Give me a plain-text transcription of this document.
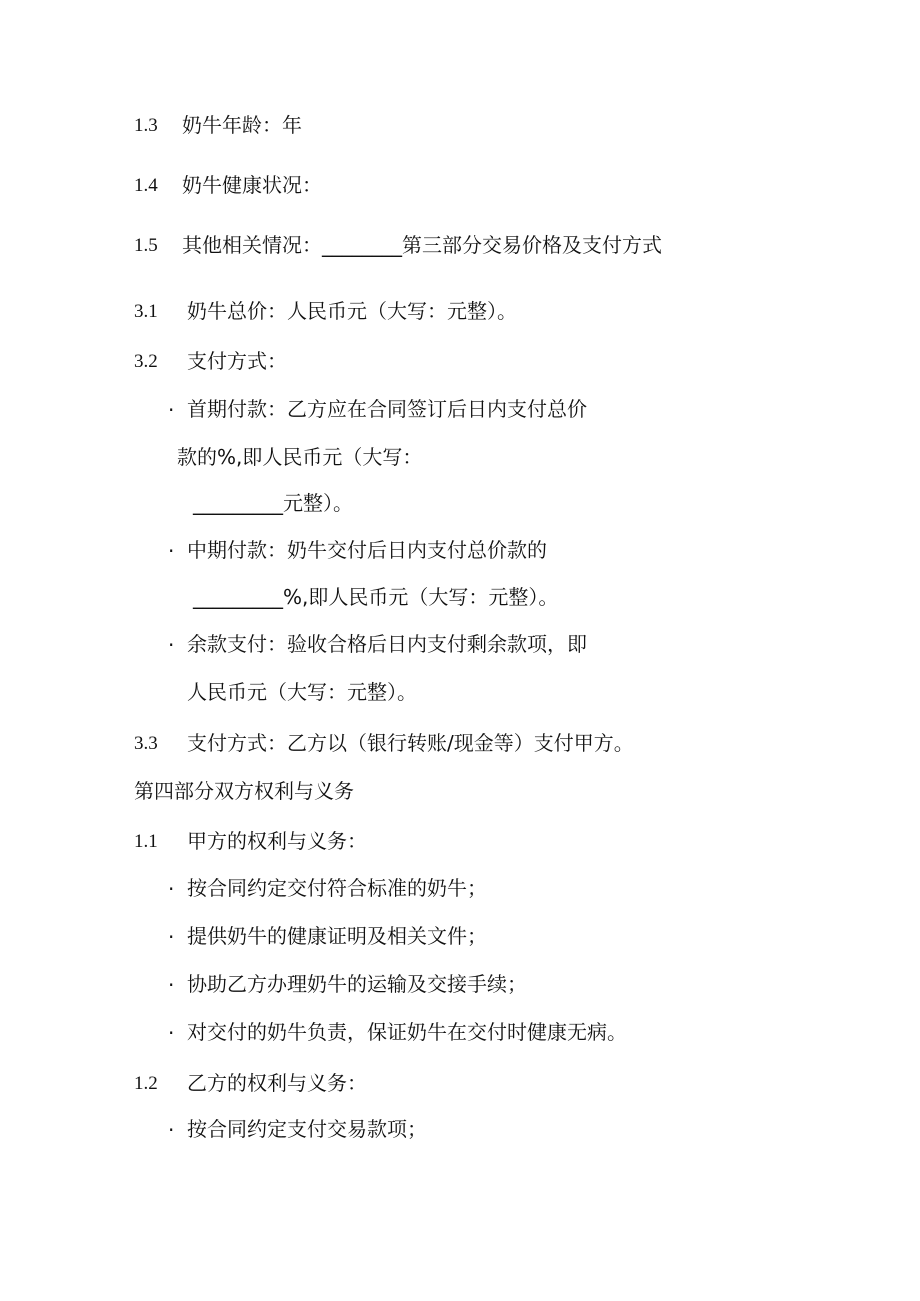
1.3 奶牛年龄：年
1.4 奶牛健康状况：
1.5 其他相关情况：________第三部分交易价格及支付方式
3.1 奶牛总价：人民币元（大写：元整）。
3.2 支付方式：
· 首期付款：乙方应在合同签订后日内支付总价
款的%,即人民币元（大写：
_________元整）。
· 中期付款：奶牛交付后日内支付总价款的
_________%,即人民币元（大写：元整）。
· 余款支付：验收合格后日内支付剩余款项，即
人民币元（大写：元整）。
3.3 支付方式：乙方以（银行转账/现金等）支付甲方。
第四部分双方权利与义务
1.1 甲方的权利与义务：
· 按合同约定交付符合标准的奶牛；
· 提供奶牛的健康证明及相关文件；
· 协助乙方办理奶牛的运输及交接手续；
· 对交付的奶牛负责，保证奶牛在交付时健康无病。
1.2 乙方的权利与义务：
· 按合同约定支付交易款项；
